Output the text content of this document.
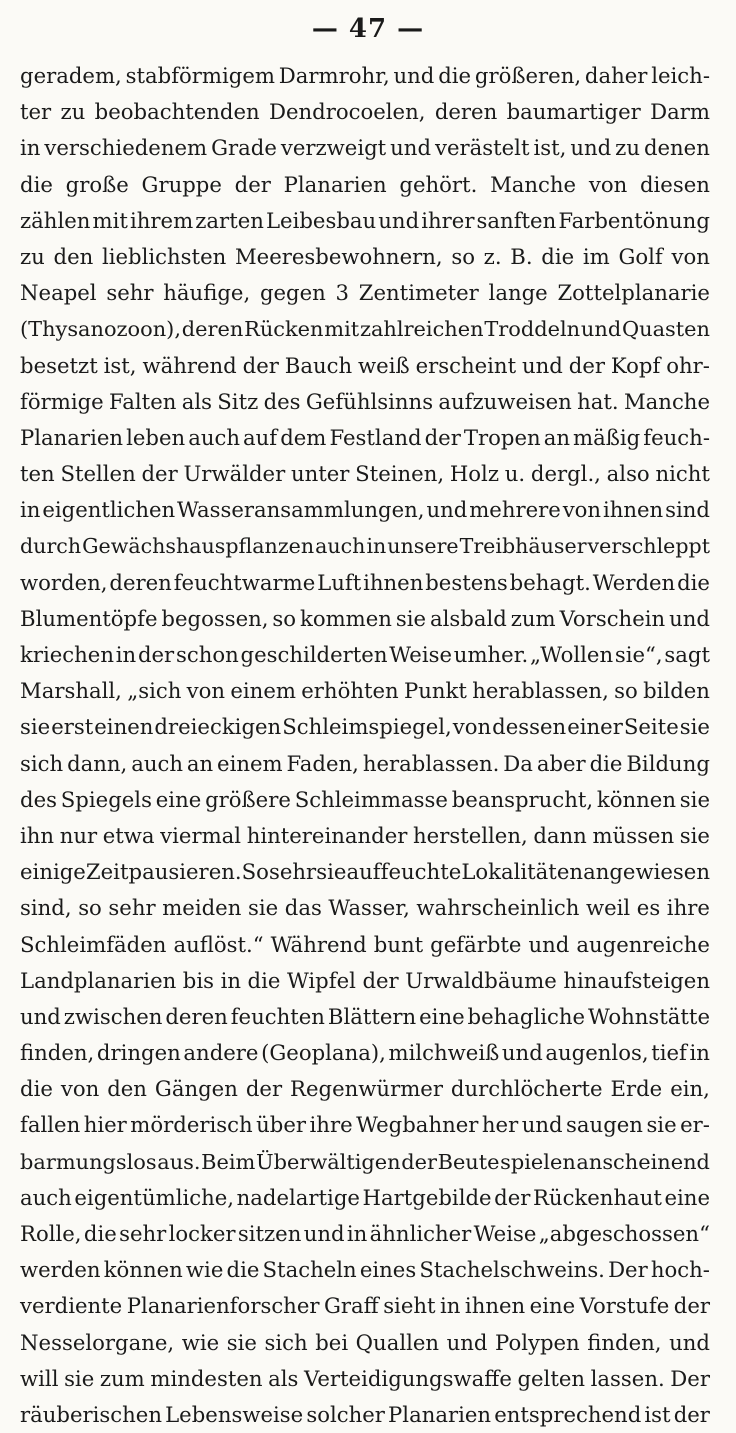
— 47 —
geradem, stabförmigem Darmrohr, und die größeren, daher leich-
ter zu beobachtenden Dendrocoelen, deren baumartiger Darm
in verschiedenem Grade verzweigt und verästelt ist, und zu denen
die große Gruppe der Planarien gehört. Manche von diesen
zählen mit ihrem zarten Leibesbau und ihrer sanften Farbentönung
zu den lieblichsten Meeresbewohnern, so z. B. die im Golf von
Neapel sehr häufige, gegen 3 Zentimeter lange Zottelplanarie
(Thysanozoon), deren Rücken mit zahlreichen Troddeln und Quasten
besetzt ist, während der Bauch weiß erscheint und der Kopf ohr-
förmige Falten als Sitz des Gefühlsinns aufzuweisen hat. Manche
Planarien leben auch auf dem Festland der Tropen an mäßig feuch-
ten Stellen der Urwälder unter Steinen, Holz u. dergl., also nicht
in eigentlichen Wasseransammlungen, und mehrere von ihnen sind
durch Gewächshauspflanzen auch in unsere Treibhäuser verschleppt
worden, deren feuchtwarme Luft ihnen bestens behagt. Werden die
Blumentöpfe begossen, so kommen sie alsbald zum Vorschein und
kriechen in der schon geschilderten Weise umher. „Wollen sie“, sagt
Marshall, „sich von einem erhöhten Punkt herablassen, so bilden
sie erst einen dreieckigen Schleimspiegel, von dessen einer Seite sie
sich dann, auch an einem Faden, herablassen. Da aber die Bildung
des Spiegels eine größere Schleimmasse beansprucht, können sie
ihn nur etwa viermal hintereinander herstellen, dann müssen sie
einige Zeit pausieren. Sosehr sie auf feuchte Lokalitäten angewiesen
sind, so sehr meiden sie das Wasser, wahrscheinlich weil es ihre
Schleimfäden auflöst.“ Während bunt gefärbte und augenreiche
Landplanarien bis in die Wipfel der Urwaldbäume hinaufsteigen
und zwischen deren feuchten Blättern eine behagliche Wohnstätte
finden, dringen andere (Geoplana), milchweiß und augenlos, tief in
die von den Gängen der Regenwürmer durchlöcherte Erde ein,
fallen hier mörderisch über ihre Wegbahner her und saugen sie er-
barmungslos aus. Beim Überwältigen der Beute spielen anscheinend
auch eigentümliche, nadelartige Hartgebilde der Rückenhaut eine
Rolle, die sehr locker sitzen und in ähnlicher Weise „abgeschossen“
werden können wie die Stacheln eines Stachelschweins. Der hoch-
verdiente Planarienforscher Graff sieht in ihnen eine Vorstufe der
Nesselorgane, wie sie sich bei Quallen und Polypen finden, und
will sie zum mindesten als Verteidigungswaffe gelten lassen. Der
räuberischen Lebensweise solcher Planarien entsprechend ist der
